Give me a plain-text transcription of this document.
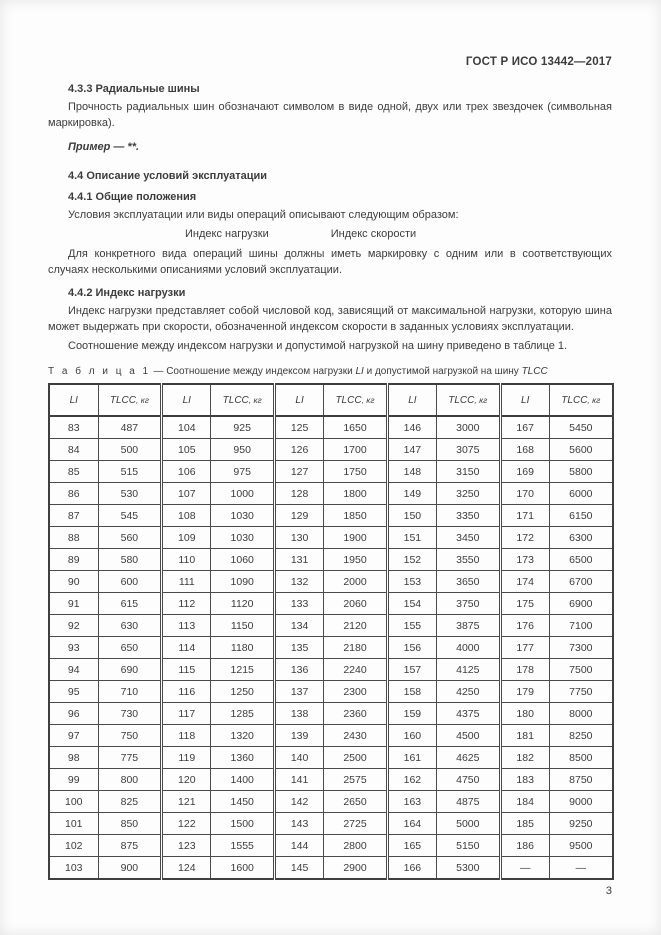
ГОСТ Р ИСО 13442—2017
4.3.3 Радиальные шины

Прочность радиальных шин обозначают символом в виде одной, двух или трех звездочек (символьная маркировка).

Пример — **.

4.4 Описание условий эксплуатации
4.4.1 Общие положения

Условия эксплуатации или виды операций описывают следующим образом:

Индекс нагрузки	Индекс скорости

Для конкретного вида операций шины должны иметь маркировку с одним или в соответствующих случаях несколькими описаниями условий эксплуатации.

4.4.2 Индекс нагрузки

Индекс нагрузки представляет собой числовой код, зависящий от максимальной нагрузки, которую шина может выдержать при скорости, обозначенной индексом скорости в заданных условиях эксплуатации.

Соотношение между индексом нагрузки и допустимой нагрузкой на шину приведено в таблице 1.

Т а б л и ц а 1 — Соотношение между индексом нагрузки LI и допустимой нагрузкой на шину TLCC
LI	TLCC, кг	LI	TLCC, кг	LI	TLCC, кг	LI	TLCC, кг	LI	TLCC, кг
83	487	104	925	125	1650	146	3000	167	5450
84	500	105	950	126	1700	147	3075	168	5600
85	515	106	975	127	1750	148	3150	169	5800
86	530	107	1000	128	1800	149	3250	170	6000
87	545	108	1030	129	1850	150	3350	171	6150
88	560	109	1030	130	1900	151	3450	172	6300
89	580	110	1060	131	1950	152	3550	173	6500
90	600	111	1090	132	2000	153	3650	174	6700
91	615	112	1120	133	2060	154	3750	175	6900
92	630	113	1150	134	2120	155	3875	176	7100
93	650	114	1180	135	2180	156	4000	177	7300
94	690	115	1215	136	2240	157	4125	178	7500
95	710	116	1250	137	2300	158	4250	179	7750
96	730	117	1285	138	2360	159	4375	180	8000
97	750	118	1320	139	2430	160	4500	181	8250
98	775	119	1360	140	2500	161	4625	182	8500
99	800	120	1400	141	2575	162	4750	183	8750
100	825	121	1450	142	2650	163	4875	184	9000
101	850	122	1500	143	2725	164	5000	185	9250
102	875	123	1555	144	2800	165	5150	186	9500
103	900	124	1600	145	2900	166	5300	—	—
3
